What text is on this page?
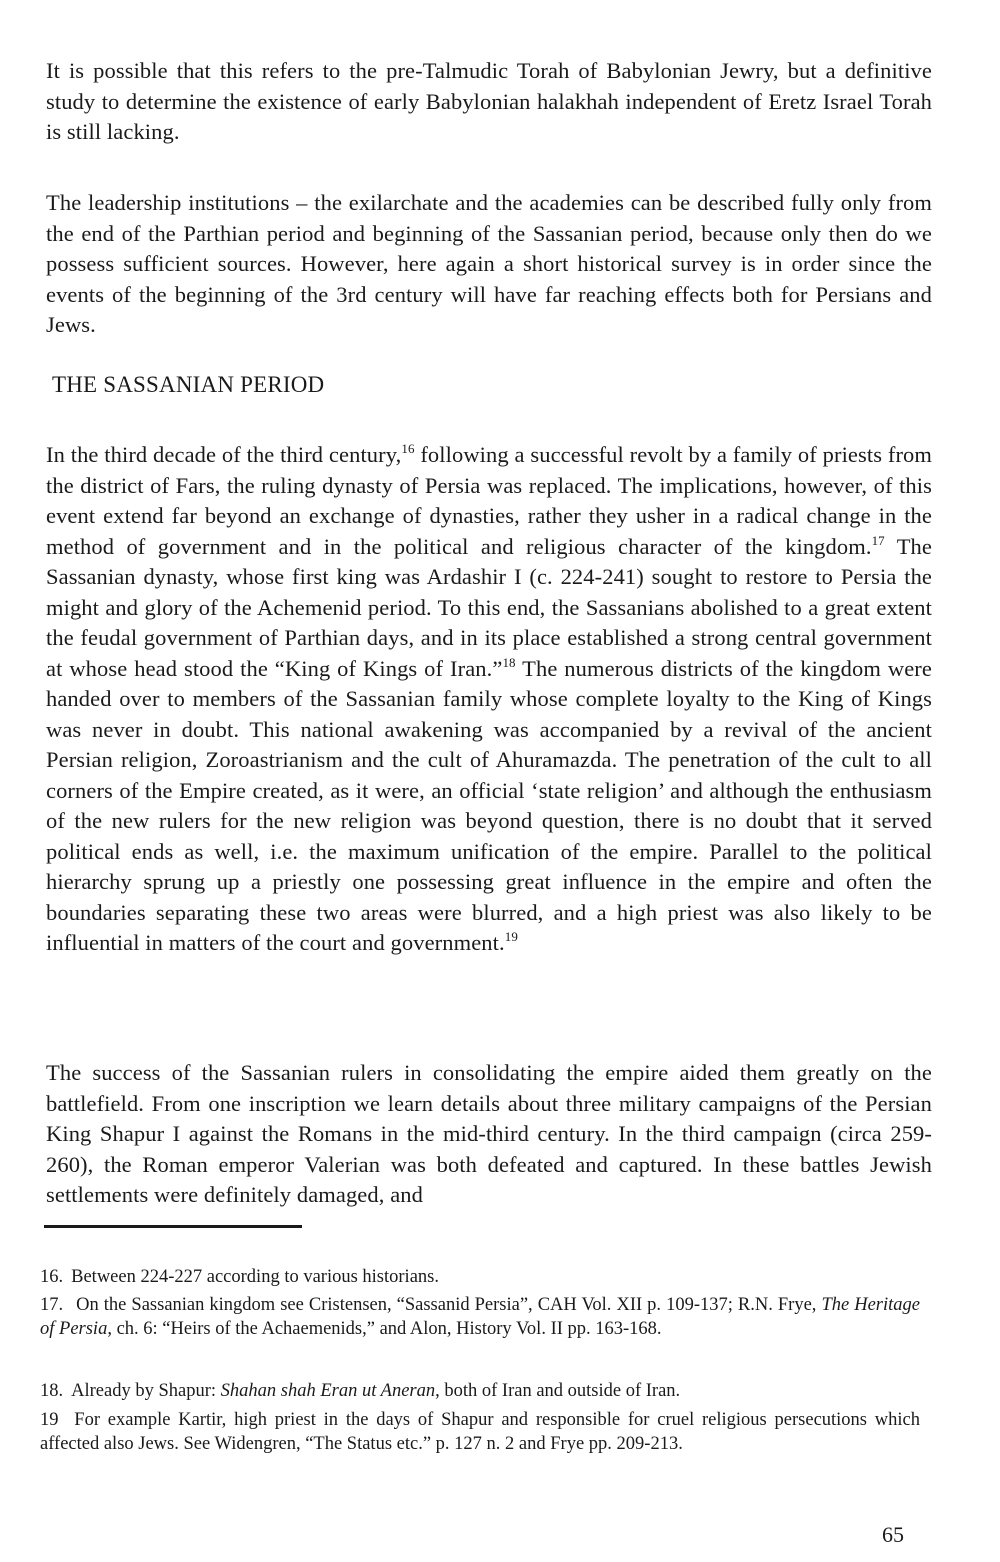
It is possible that this refers to the pre-Talmudic Torah of Babylonian Jewry, but a definitive study to determine the existence of early Babylonian halakhah independent of Eretz Israel Torah is still lacking.

The leadership institutions – the exilarchate and the academies can be described fully only from the end of the Parthian period and beginning of the Sassanian period, because only then do we possess sufficient sources. However, here again a short historical survey is in order since the events of the beginning of the 3rd century will have far reaching effects both for Persians and Jews.

THE SASSANIAN PERIOD

In the third decade of the third century,$^{16}$ following a successful revolt by a family of priests from the district of Fars, the ruling dynasty of Persia was replaced. The implications, however, of this event extend far beyond an exchange of dynasties, rather they usher in a radical change in the method of government and in the political and religious character of the kingdom.$^{17}$ The Sassanian dynasty, whose first king was Ardashir I (c. 224-241) sought to restore to Persia the might and glory of the Achemenid period. To this end, the Sassanians abolished to a great extent the feudal government of Parthian days, and in its place established a strong central government at whose head stood the “King of Kings of Iran.”$^{18}$ The numerous districts of the kingdom were handed over to members of the Sassanian family whose complete loyalty to the King of Kings was never in doubt. This national awakening was accompanied by a revival of the ancient Persian religion, Zoroastrianism and the cult of Ahuramazda. The penetration of the cult to all corners of the Empire created, as it were, an official ‘state religion’ and although the enthusiasm of the new rulers for the new religion was beyond question, there is no doubt that it served political ends as well, i.e. the maximum unification of the empire. Parallel to the political hierarchy sprung up a priestly one possessing great influence in the empire and often the boundaries separating these two areas were blurred, and a high priest was also likely to be influential in matters of the court and government.$^{19}$

The success of the Sassanian rulers in consolidating the empire aided them greatly on the battlefield. From one inscription we learn details about three military campaigns of the Persian King Shapur I against the Romans in the mid-third century. In the third campaign (circa 259-260), the Roman emperor Valerian was both defeated and captured. In these battles Jewish settlements were definitely damaged, and

16. Between 224-227 according to various historians.

17. On the Sassanian kingdom see Cristensen, “Sassanid Persia”, CAH Vol. XII p. 109-137; R.N. Frye, The Heritage of Persia, ch. 6: “Heirs of the Achaemenids,” and Alon, History Vol. II pp. 163-168.

18. Already by Shapur: Shahan shah Eran ut Aneran, both of Iran and outside of Iran.

19 For example Kartir, high priest in the days of Shapur and responsible for cruel religious persecutions which affected also Jews. See Widengren, “The Status etc.” p. 127 n. 2 and Frye pp. 209-213.

65
